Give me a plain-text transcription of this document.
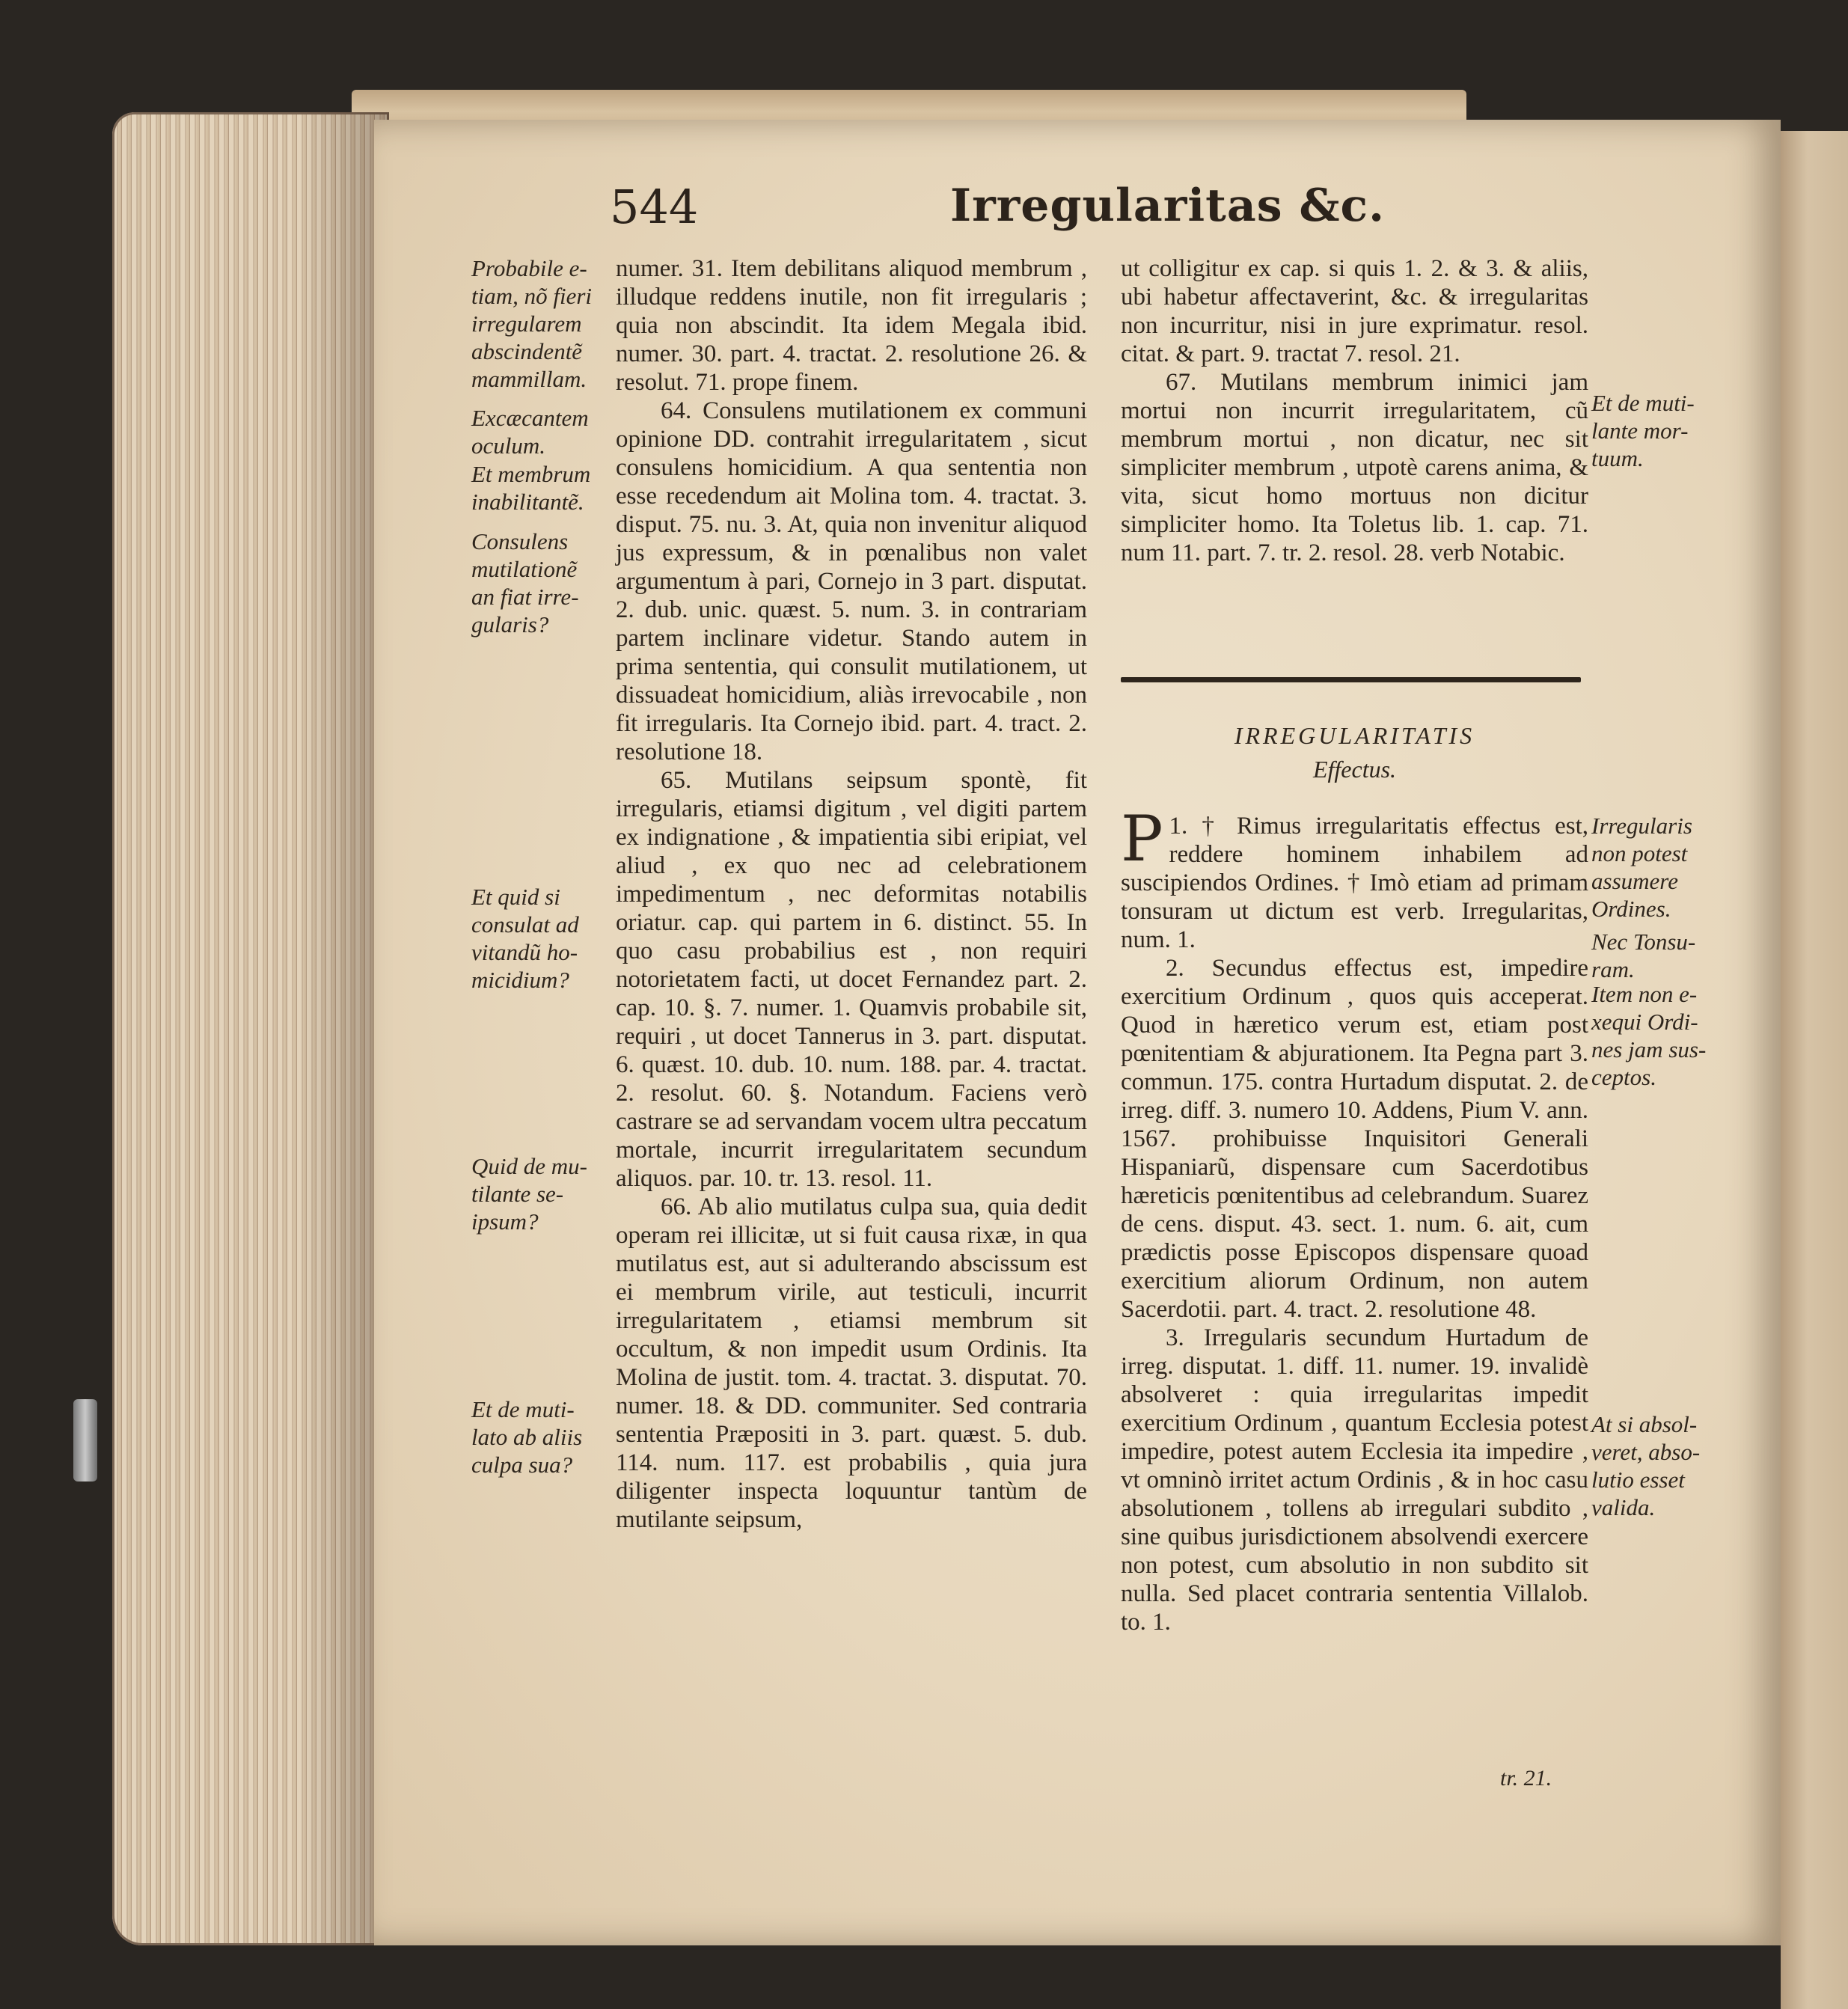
544	Irregularitas &c.
Probabile e-
tiam, nõ fieri
irregularem
abscindentẽ
mammillam.
Excæcantem
oculum.
Et membrum
inabilitantẽ.
Consulens
mutilationẽ
an fiat irre-
gularis?
Et quid si
consulat ad
vitandũ ho-
micidium?
Quid de mu-
tilante se-
ipsum?
Et de muti-
lato ab aliis
culpa sua?

numer. 31. Item debilitans aliquod membrum , illudque reddens inutile, non fit irregularis ; quia non abscindit. Ita idem Megala ibid. numer. 30. part. 4. tractat. 2. resolutione 26. & resolut. 71. prope finem.

64. Consulens mutilationem ex communi opinione DD. contrahit irregularitatem , sicut consulens homicidium. A qua sententia non esse recedendum ait Molina tom. 4. tractat. 3. disput. 75. nu. 3. At, quia non invenitur aliquod jus expressum, & in pœnalibus non valet argumentum à pari, Cornejo in 3 part. disputat. 2. dub. unic. quæst. 5. num. 3. in contrariam partem inclinare videtur. Stando autem in prima sententia, qui consulit mutilationem, ut dissuadeat homicidium, aliàs irrevocabile , non fit irregularis. Ita Cornejo ibid. part. 4. tract. 2. resolutione 18.

65. Mutilans seipsum spontè, fit irregularis, etiamsi digitum , vel digiti partem ex indignatione , & impatientia sibi eripiat, vel aliud , ex quo nec ad celebrationem impedimentum , nec deformitas notabilis oriatur. cap. qui partem in 6. distinct. 55. In quo casu probabilius est , non requiri notorietatem facti, ut docet Fernandez part. 2. cap. 10. §. 7. numer. 1. Quamvis probabile sit, requiri , ut docet Tannerus in 3. part. disputat. 6. quæst. 10. dub. 10. num. 188. par. 4. tractat. 2. resolut. 60. §. Notandum. Faciens verò castrare se ad servandam vocem ultra peccatum mortale, incurrit irregularitatem secundum aliquos. par. 10. tr. 13. resol. 11.

66. Ab alio mutilatus culpa sua, quia dedit operam rei illicitæ, ut si fuit causa rixæ, in qua mutilatus est, aut si adulterando abscissum est ei membrum virile, aut testiculi, incurrit irregularitatem , etiamsi membrum sit occultum, & non impedit usum Ordinis. Ita Molina de justit. tom. 4. tractat. 3. disputat. 70. numer. 18. & DD. communiter. Sed contraria sententia Præpositi in 3. part. quæst. 5. dub. 114. num. 117. est probabilis , quia jura diligenter inspecta loquuntur tantùm de mutilante seipsum,

ut colligitur ex cap. si quis 1. 2. & 3. & aliis, ubi habetur affectaverint, &c. & irregularitas non incurritur, nisi in jure exprimatur. resol. citat. & part. 9. tractat 7. resol. 21.

67. Mutilans membrum inimici jam mortui non incurrit irregularitatem, cũ membrum mortui , non dicatur, nec sit simpliciter membrum , utpotè carens anima, & vita, sicut homo mortuus non dicitur simpliciter homo. Ita Toletus lib. 1. cap. 71. num 11. part. 7. tr. 2. resol. 28. verb Notabic.

IRREGULARITATIS
Effectus.

1. †
P	Rimus irregularitatis effectus est, reddere hominem inhabilem ad suscipiendos Ordines. † Imò etiam ad primam tonsuram ut dictum est verb. Irregularitas, num. 1.

2. Secundus effectus est, impedire exercitium Ordinum , quos quis acceperat. Quod in hæretico verum est, etiam post pœnitentiam & abjurationem. Ita Pegna part 3. commun. 175. contra Hurtadum disputat. 2. de irreg. diff. 3. numero 10. Addens, Pium V. ann. 1567. prohibuisse Inquisitori Generali Hispaniarũ, dispensare cum Sacerdotibus hæreticis pœnitentibus ad celebrandum. Suarez de cens. disput. 43. sect. 1. num. 6. ait, cum prædictis posse Episcopos dispensare quoad exercitium aliorum Ordinum, non autem Sacerdotii. part. 4. tract. 2. resolutione 48.

3. Irregularis secundum Hurtadum de irreg. disputat. 1. diff. 11. numer. 19. invalidè absolveret : quia irregularitas impedit exercitium Ordinum , quantum Ecclesia potest impedire, potest autem Ecclesia ita impedire , vt omninò irritet actum Ordinis , & in hoc casu absolutionem , tollens ab irregulari subdito , sine quibus jurisdictionem absolvendi exercere non potest, cum absolutio in non subdito sit nulla. Sed placet contraria sententia Villalob. to. 1.

Et de muti-
lante mor-
tuum.
Irregularis
non potest
assumere
Ordines.
Nec Tonsu-
ram.
Item non e-
xequi Ordi-
nes jam sus-
ceptos.
At si absol-
veret, abso-
lutio esset
valida.
tr. 21.
